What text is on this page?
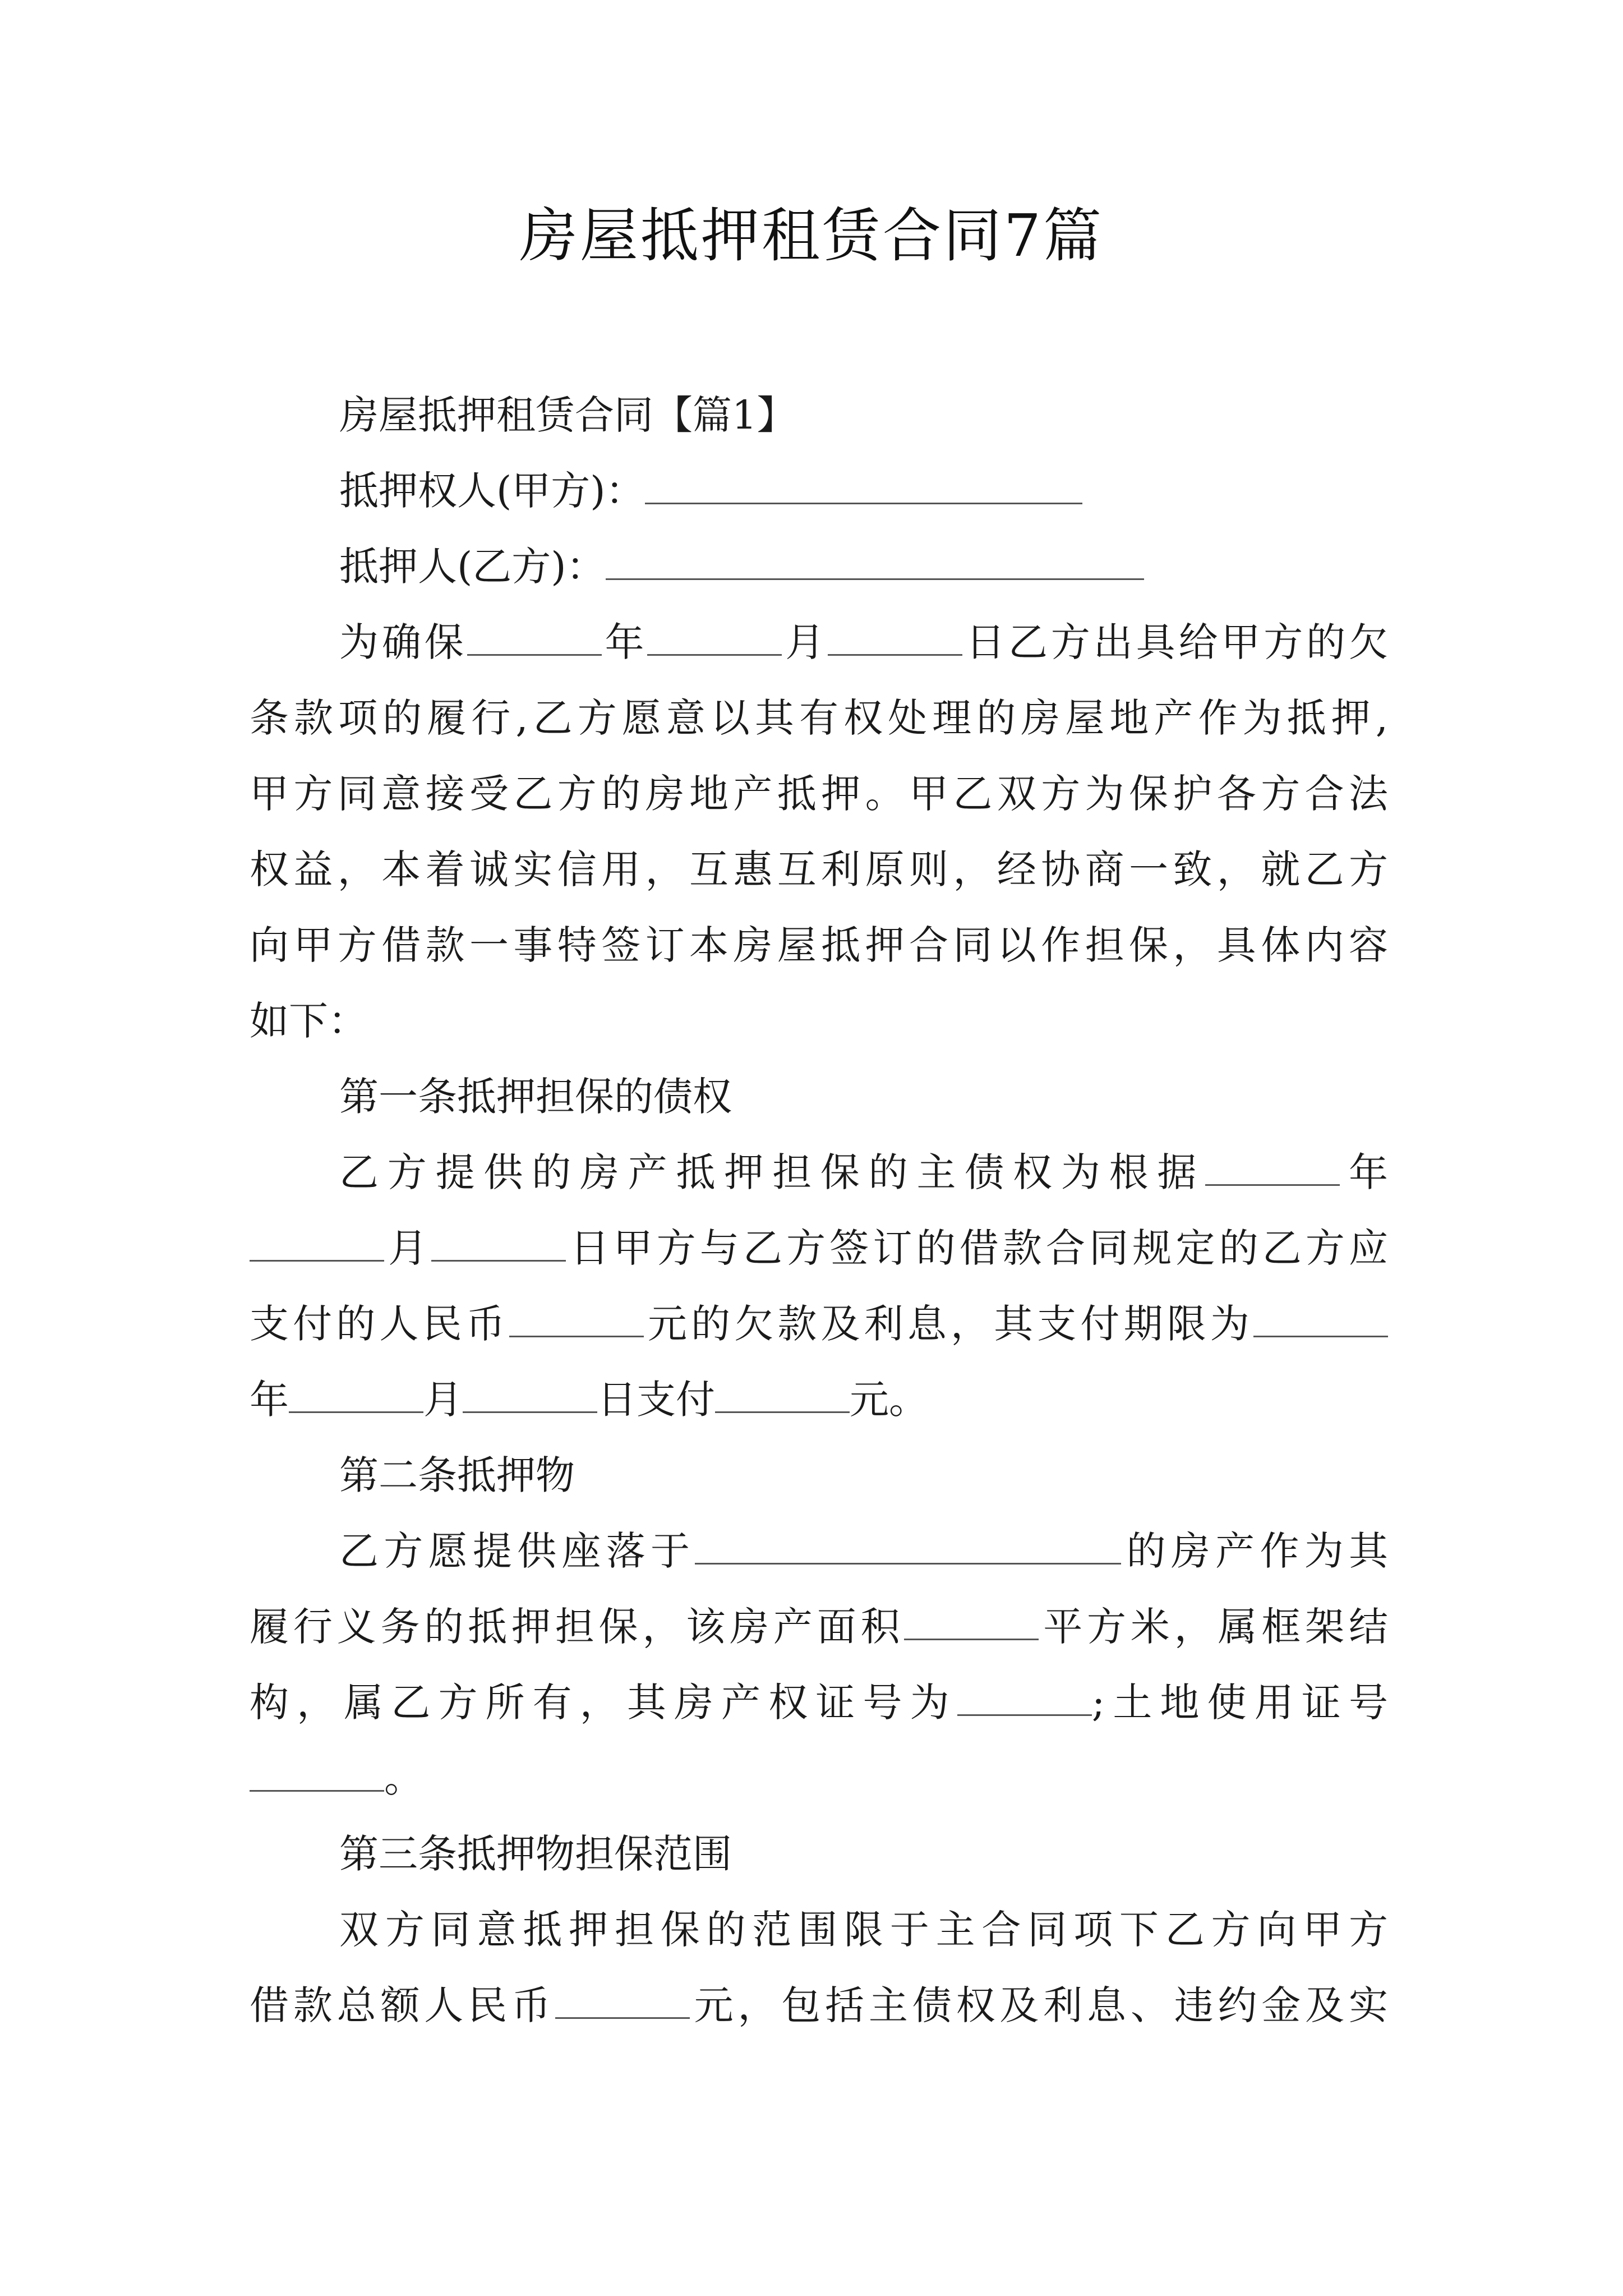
房屋抵押租赁合同7篇
房屋抵押租赁合同【篇1】
抵押权人(甲方)：
抵押人(乙方)：
为确保	年	月	日乙方出具给甲方的欠
条款项的履行,乙方愿意以其有权处理的房屋地产作为抵押,
甲方同意接受乙方的房地产抵押。甲乙双方为保护各方合法
权益，本着诚实信用，互惠互利原则，经协商一致，就乙方
向甲方借款一事特签订本房屋抵押合同以作担保，具体内容
如下：
第一条抵押担保的债权
乙方提供的房产抵押担保的主债权为根据	年
月	日甲方与乙方签订的借款合同规定的乙方应
支付的人民币	元的欠款及利息，其支付期限为
年	月	日支付	元。
第二条抵押物
乙方愿提供座落于	的房产作为其
履行义务的抵押担保，该房产面积	平方米，属框架结
构，属乙方所有，其房产权证号为	;土地使用证号
。
第三条抵押物担保范围
双方同意抵押担保的范围限于主合同项下乙方向甲方
借款总额人民币	元，包括主债权及利息、违约金及实
